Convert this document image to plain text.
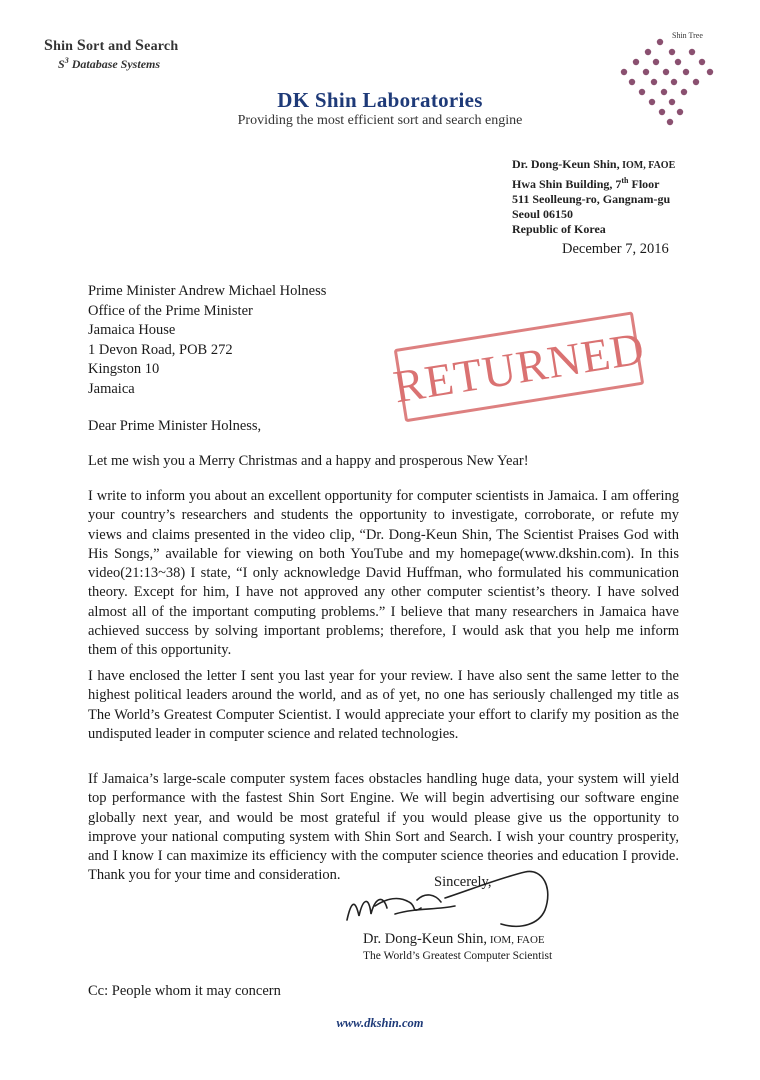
Shin Sort and Search
$S^3$ Database Systems
DK Shin Laboratories
Providing the most efficient sort and search engine
Shin Tree
Dr. Dong-Keun Shin, IOM, FAOE
Hwa Shin Building, 7th Floor
511 Seolleung-ro, Gangnam-gu
Seoul 06150
Republic of Korea
December 7, 2016
Prime Minister Andrew Michael Holness
Office of the Prime Minister
Jamaica House
1 Devon Road, POB 272
Kingston 10
Jamaica	RETURNED
Dear Prime Minister Holness,
Let me wish you a Merry Christmas and a happy and prosperous New Year!
I write to inform you about an excellent opportunity for computer scientists in Jamaica. I am offering your country’s researchers and students the opportunity to investigate, corroborate, or refute my views and claims presented in the video clip, “Dr. Dong-Keun Shin, The Scientist Praises God with His Songs,” available for viewing on both YouTube and my homepage(www.dkshin.com). In this video(21:13~38) I state, “I only acknowledge David Huffman, who formulated his communication theory. Except for him, I have not approved any other computer scientist’s theory. I have solved almost all of the important computing problems.” I believe that many researchers in Jamaica have achieved success by solving important problems; therefore, I would ask that you help me inform them of this opportunity.
I have enclosed the letter I sent you last year for your review. I have also sent the same letter to the highest political leaders around the world, and as of yet, no one has seriously challenged my title as The World’s Greatest Computer Scientist. I would appreciate your effort to clarify my position as the undisputed leader in computer science and related technologies.
If Jamaica’s large-scale computer system faces obstacles handling huge data, your system will yield top performance with the fastest Shin Sort Engine. We will begin advertising our software engine globally next year, and would be most grateful if you would please give us the opportunity to improve your national computing system with Shin Sort and Search. I wish your country prosperity, and I know I can maximize its efficiency with the computer science theories and education I provide. Thank you for your time and consideration.	Sincerely,
Dr. Dong-Keun Shin, IOM, FAOE
The World’s Greatest Computer Scientist
Cc: People whom it may concern
www.dkshin.com
